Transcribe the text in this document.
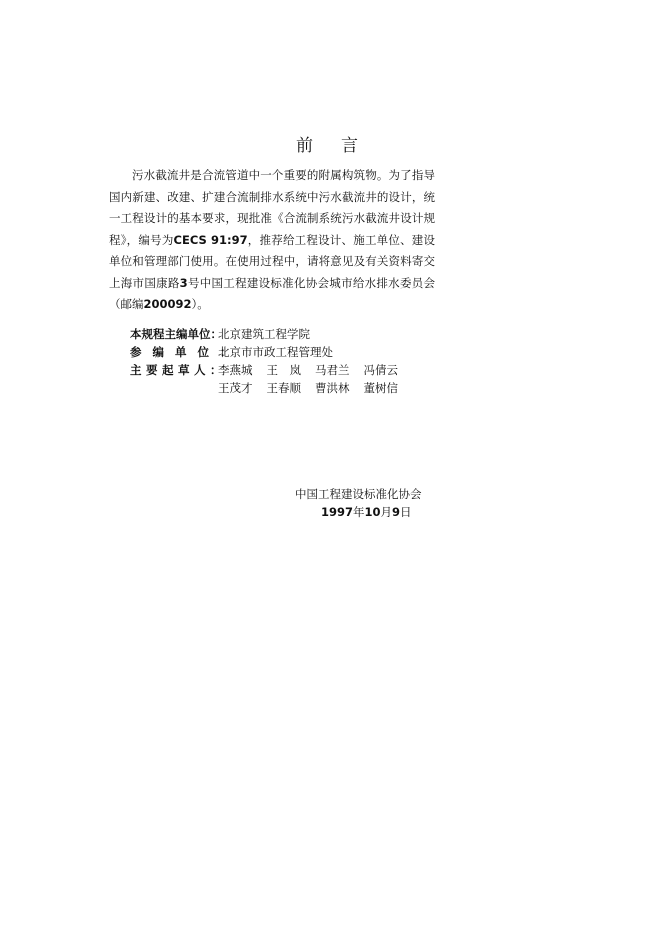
前言

污水截流井是合流管道中一个重要的附属构筑物。为了指导国内新建、改建、扩建合流制排水系统中污水截流井的设计，统一工程设计的基本要求，现批准《合流制系统污水截流井设计规程》，编号为CECS 91:97，推荐给工程设计、施工单位、建设单位和管理部门使用。在使用过程中，请将意见及有关资料寄交上海市国康路3号中国工程建设标准化协会城市给水排水委员会（邮编200092）。

本规程主编单位：
北京建筑工程学院
参编单位：
北京市市政工程管理处
主要起草人：
李燕城 王　岚 马君兰 冯倩云
王茂才 王春顺 曹洪林 董树信
中国工程建设标准化协会
1997年10月9日
